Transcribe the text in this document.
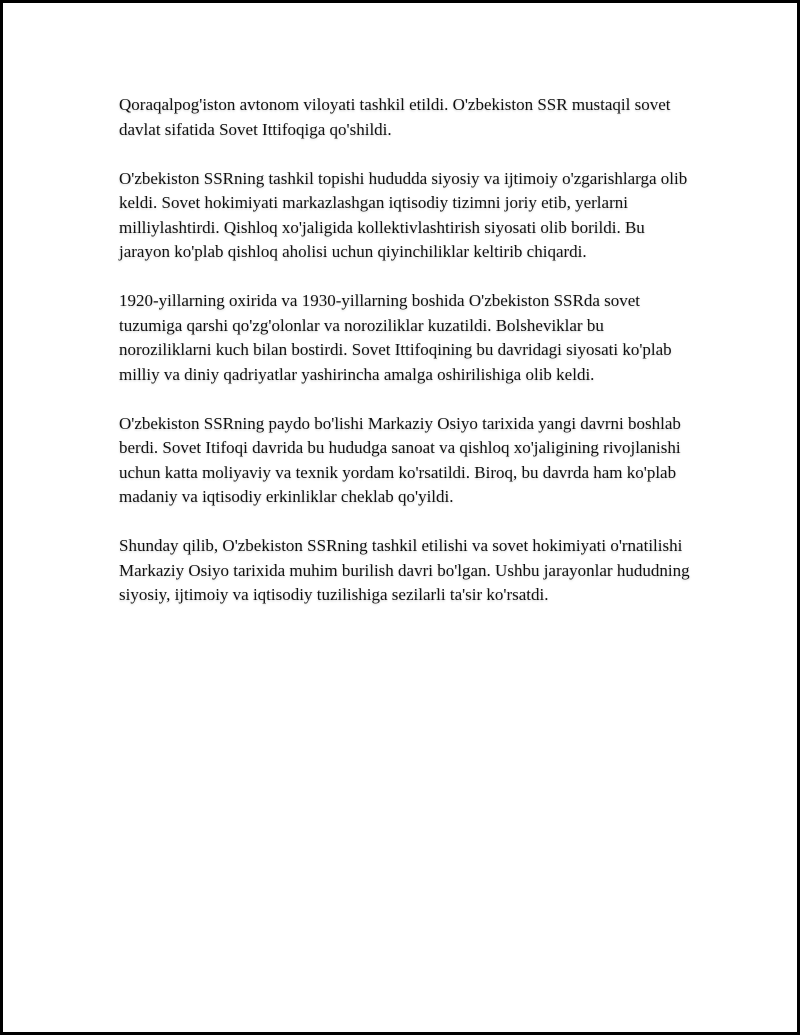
Qoraqalpog'iston avtonom viloyati tashkil etildi. O'zbekiston SSR mustaqil sovet davlat sifatida Sovet Ittifoqiga qo'shildi.

O'zbekiston SSRning tashkil topishi hududda siyosiy va ijtimoiy o'zgarishlarga olib keldi. Sovet hokimiyati markazlashgan iqtisodiy tizimni joriy etib, yerlarni milliylashtirdi. Qishloq xo'jaligida kollektivlashtirish siyosati olib borildi. Bu jarayon ko'plab qishloq aholisi uchun qiyinchiliklar keltirib chiqardi.

1920-yillarning oxirida va 1930-yillarning boshida O'zbekiston SSRda sovet tuzumiga qarshi qo'zg'olonlar va noroziliklar kuzatildi. Bolsheviklar bu noroziliklarni kuch bilan bostirdi. Sovet Ittifoqining bu davridagi siyosati ko'plab milliy va diniy qadriyatlar yashirincha amalga oshirilishiga olib keldi.

O'zbekiston SSRning paydo bo'lishi Markaziy Osiyo tarixida yangi davrni boshlab berdi. Sovet Itifoqi davrida bu hududga sanoat va qishloq xo'jaligining rivojlanishi uchun katta moliyaviy va texnik yordam ko'rsatildi. Biroq, bu davrda ham ko'plab madaniy va iqtisodiy erkinliklar cheklab qo'yildi.

Shunday qilib, O'zbekiston SSRning tashkil etilishi va sovet hokimiyati o'rnatilishi Markaziy Osiyo tarixida muhim burilish davri bo'lgan. Ushbu jarayonlar hududning siyosiy, ijtimoiy va iqtisodiy tuzilishiga sezilarli ta'sir ko'rsatdi.
